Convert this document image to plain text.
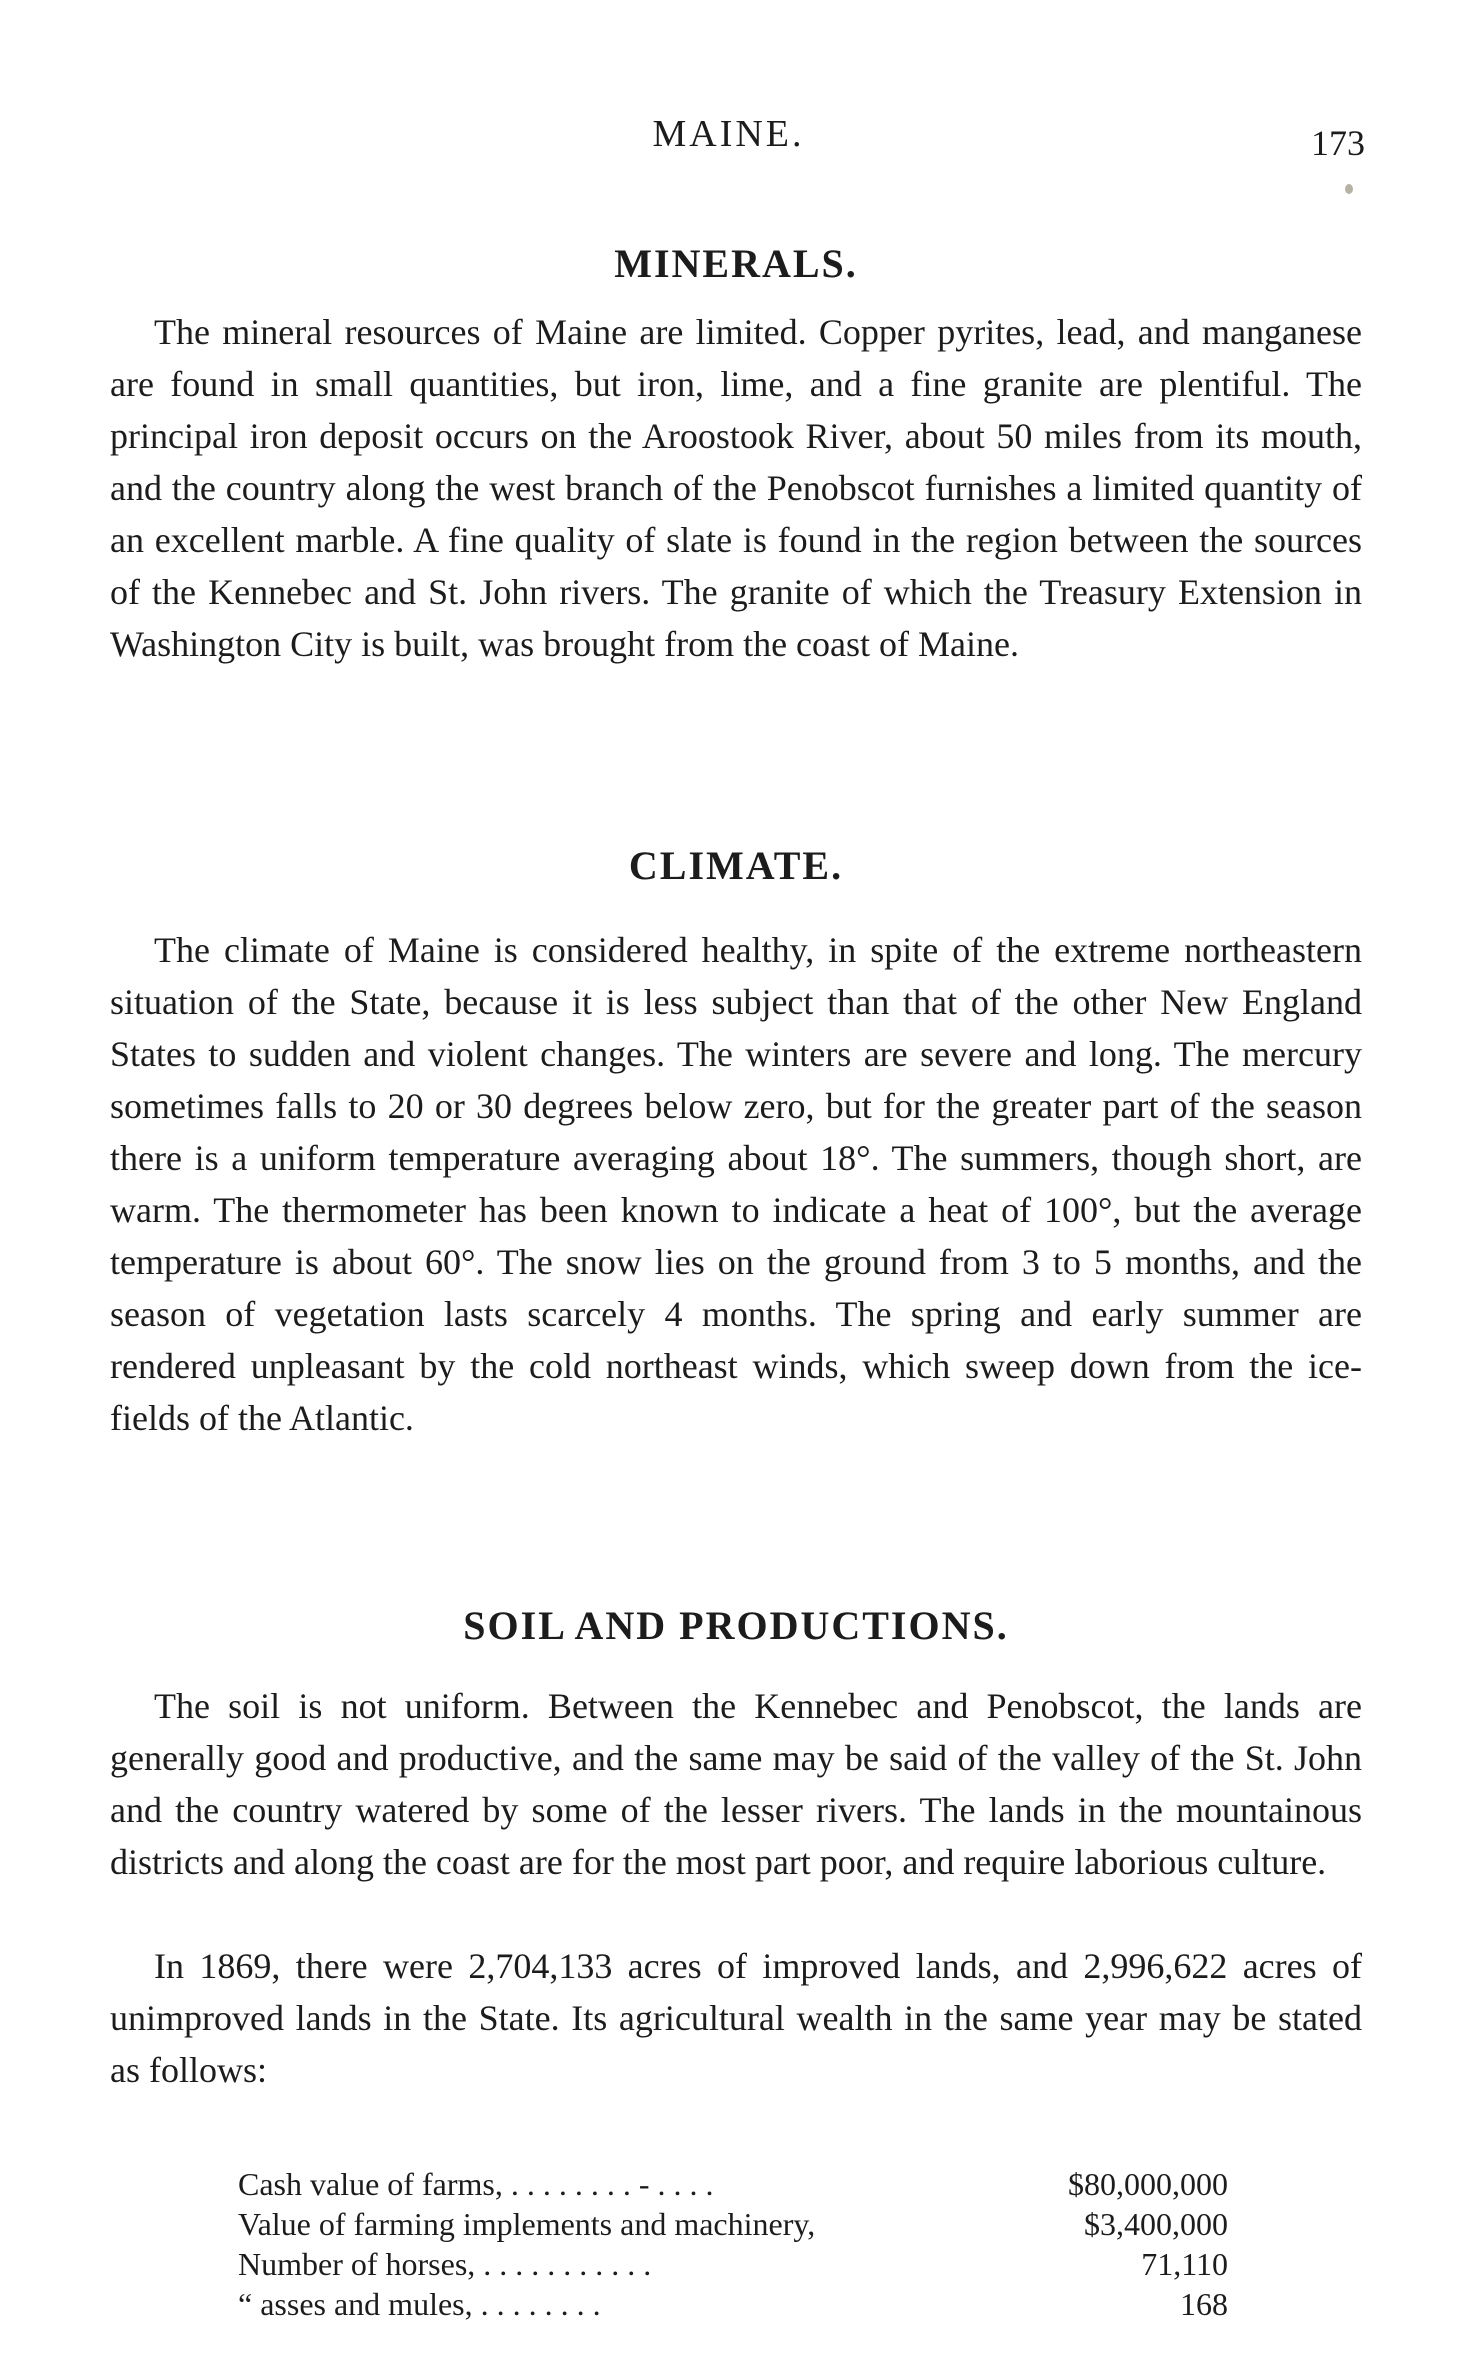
MAINE.	173
MINERALS.

The mineral resources of Maine are limited. Copper pyrites, lead, and manganese are found in small quantities, but iron, lime, and a fine granite are plentiful. The principal iron deposit occurs on the Aroostook River, about 50 miles from its mouth, and the country along the west branch of the Penobscot furnishes a limited quantity of an excellent marble. A fine quality of slate is found in the region between the sources of the Kennebec and St. John rivers. The granite of which the Treasury Extension in Washington City is built, was brought from the coast of Maine.

CLIMATE.

The climate of Maine is considered healthy, in spite of the extreme northeastern situation of the State, because it is less subject than that of the other New England States to sudden and violent changes. The winters are severe and long. The mercury sometimes falls to 20 or 30 degrees below zero, but for the greater part of the season there is a uniform temperature averaging about 18°. The summers, though short, are warm. The thermometer has been known to indicate a heat of 100°, but the average temperature is about 60°. The snow lies on the ground from 3 to 5 months, and the season of vegetation lasts scarcely 4 months. The spring and early summer are rendered unpleasant by the cold northeast winds, which sweep down from the ice-fields of the Atlantic.

SOIL AND PRODUCTIONS.

The soil is not uniform. Between the Kennebec and Penobscot, the lands are generally good and productive, and the same may be said of the valley of the St. John and the country watered by some of the lesser rivers. The lands in the mountainous districts and along the coast are for the most part poor, and require laborious culture.

In 1869, there were 2,704,133 acres of improved lands, and 2,996,622 acres of unimproved lands in the State. Its agricultural wealth in the same year may be stated as follows:

Cash value of farms, . . . . . . . . - . . . .	$80,000,000
Value of farming implements and machinery,	$3,400,000
Number of horses, . . . . . . . . . . .	71,110
“ asses and mules, . . . . . . . .	168
